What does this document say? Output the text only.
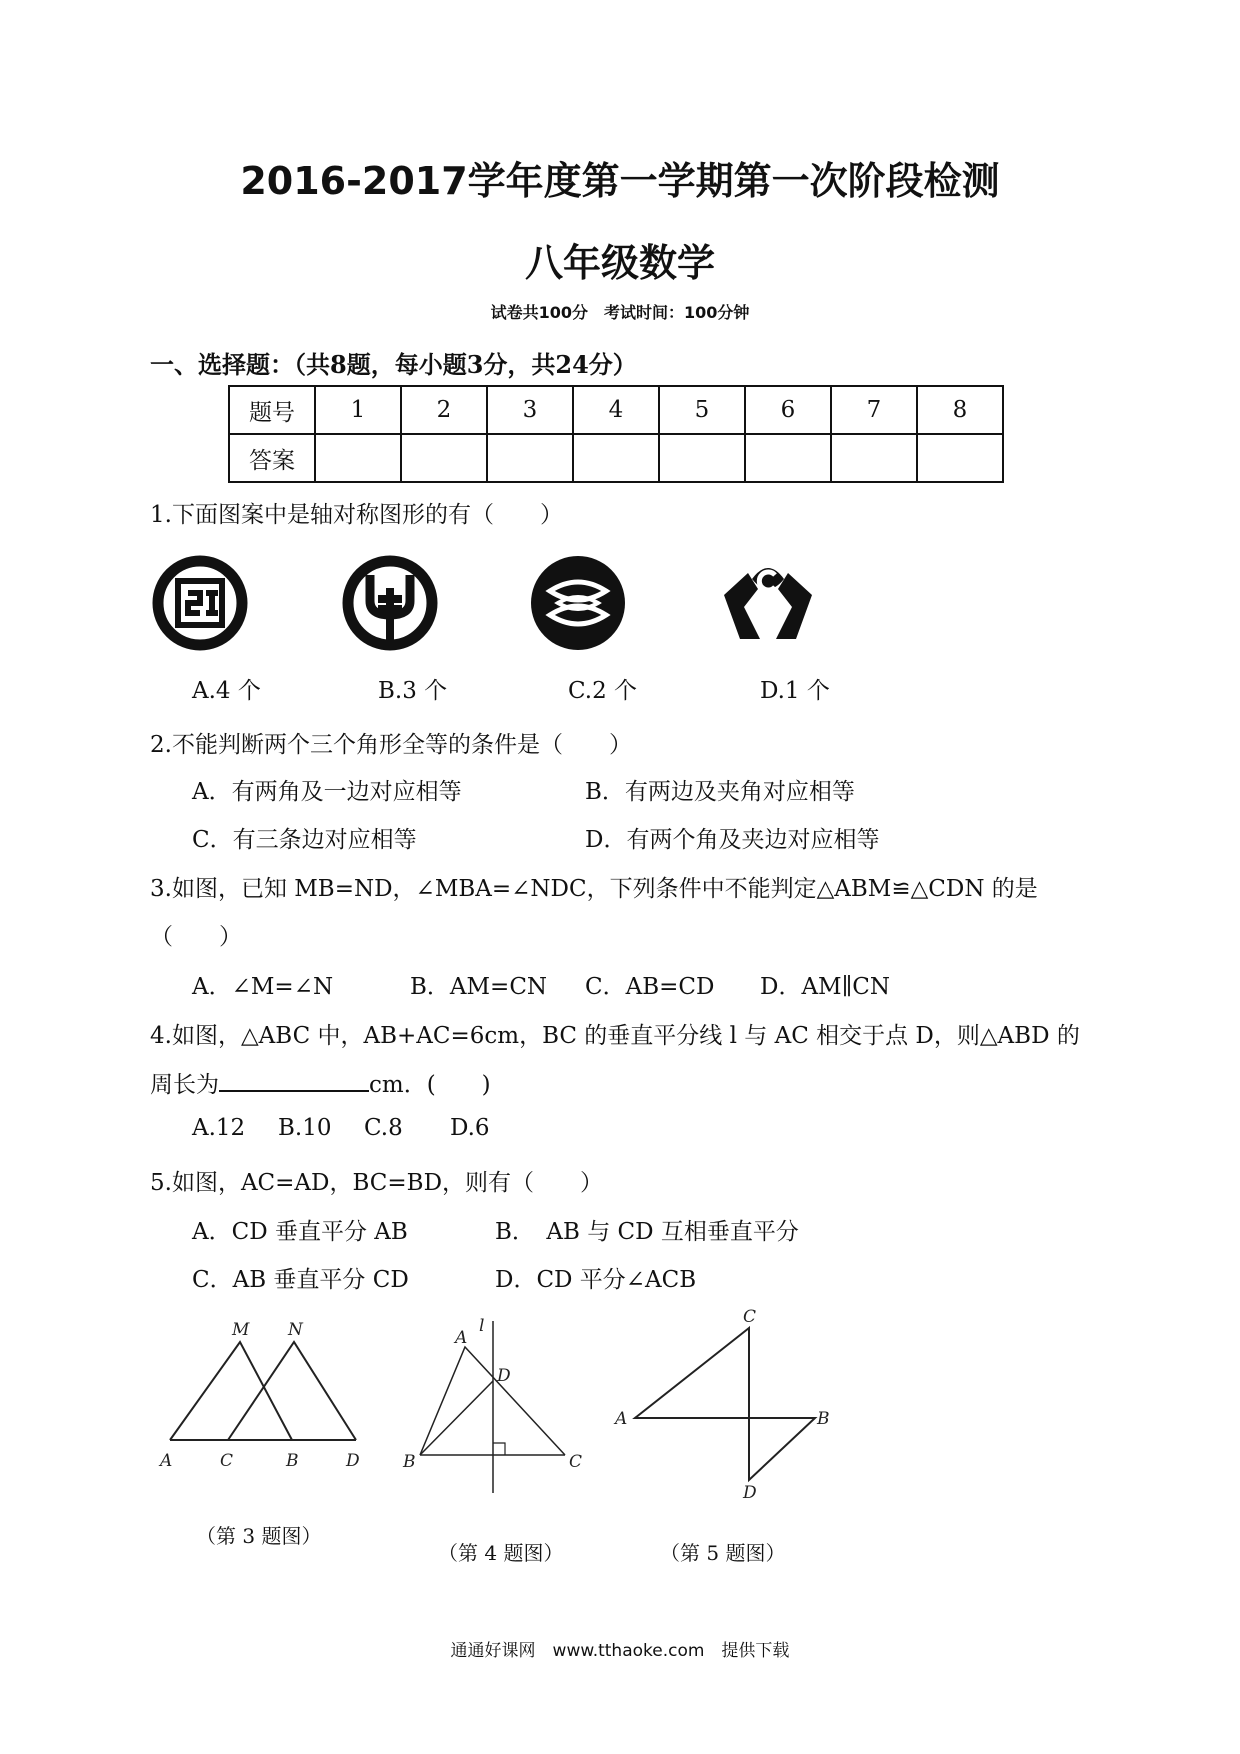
2016-2017学年度第一学期第一次阶段检测
八年级数学
试卷共100分　考试时间：100分钟
一、选择题：（共8题，每小题3分，共24分）
题号	1	2	3	4	5	6	7	8
答案								
1.下面图案中是轴对称图形的有（　　）
A.4 个	B.3 个	C.2 个	D.1 个
2.不能判断两个三个角形全等的条件是（　　）
A．有两角及一边对应相等	B．有两边及夹角对应相等
C．有三条边对应相等	D．有两个角及夹边对应相等
3.如图，已知 MB=ND，∠MBA=∠NDC，下列条件中不能判定△ABM≌△CDN 的是
（　　）
A．∠M=∠N	B．AM=CN C．AB=CD D．AM∥CN
4.如图，△ABC 中，AB+AC=6cm，BC 的垂直平分线 l 与 AC 相交于点 D，则△ABD 的
周长为	cm．(　　)
A.12 B.10 C.8 D.6
5.如图，AC=AD，BC=BD，则有（　　）
A．CD 垂直平分 AB	B．　AB 与 CD 互相垂直平分
C．AB 垂直平分 CD	D．CD 平分∠ACB
M N
A	C	B	D
（第 3 题图）
l
A
D
B	C
（第 4 题图）
C
A	B
D
（第 5 题图）
通通好课网　www.tthaoke.com　提供下载
